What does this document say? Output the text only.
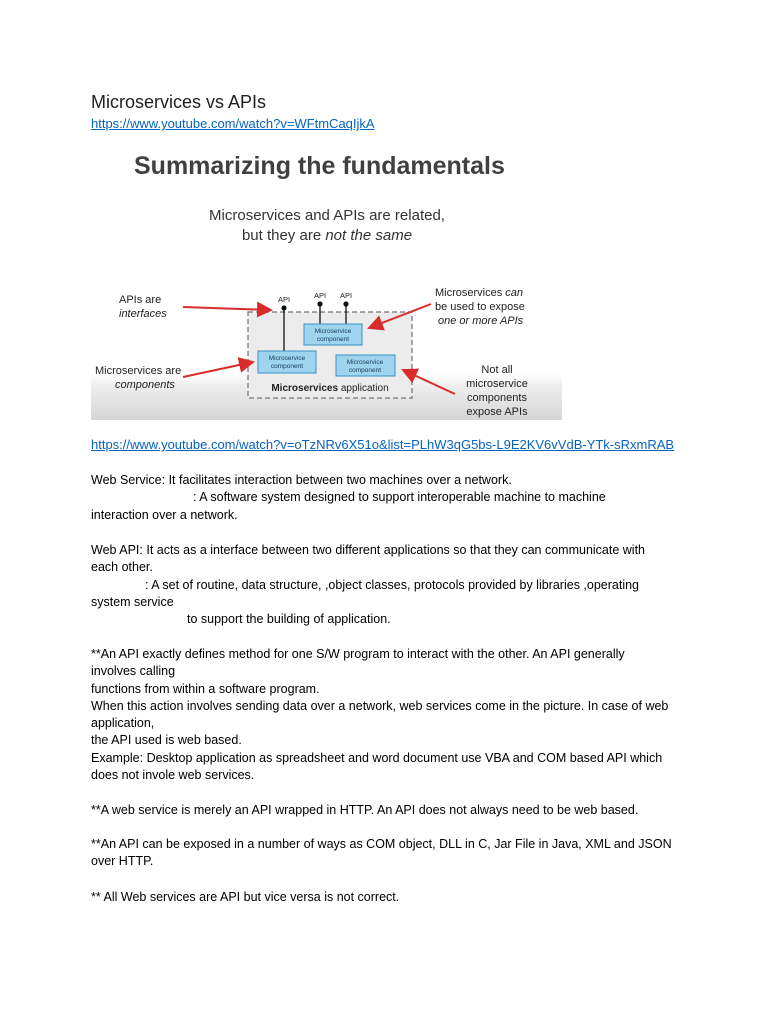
Microservices vs APIs
https://www.youtube.com/watch?v=WFtmCaqIjkA
Summarizing the fundamentals
Microservices and APIs are related,
but they are not the same
APIs are
interfaces
Microservices are
components
Microservices can
be used to expose
one or more APIs
Not all
microservice
components
expose APIs
API	API API
Microservice
component
Microservice
component
Microservice
component
Microservices application
https://www.youtube.com/watch?v=oTzNRv6X51o&list=PLhW3qG5bs-L9E2KV6vVdB-YTk-sRxmRAB
Web Service: It facilitates interaction between two machines over a network.
: A software system designed to support interoperable machine to machine
interaction over a network.
Web API: It acts as a interface between two different applications so that they can communicate with
each other.
: A set of routine, data structure, ,object classes, protocols provided by libraries ,operating
system service
to support the building of application.
**An API exactly defines method for one S/W program to interact with the other. An API generally
involves calling
functions from within a software program.
When this action involves sending data over a network, web services come in the picture. In case of web
application,
the API used is web based.
Example: Desktop application as spreadsheet and word document use VBA and COM based API which
does not invole web services.
**A web service is merely an API wrapped in HTTP. An API does not always need to be web based.
**An API can be exposed in a number of ways as COM object, DLL in C, Jar File in Java, XML and JSON
over HTTP.
** All Web services are API but vice versa is not correct.
